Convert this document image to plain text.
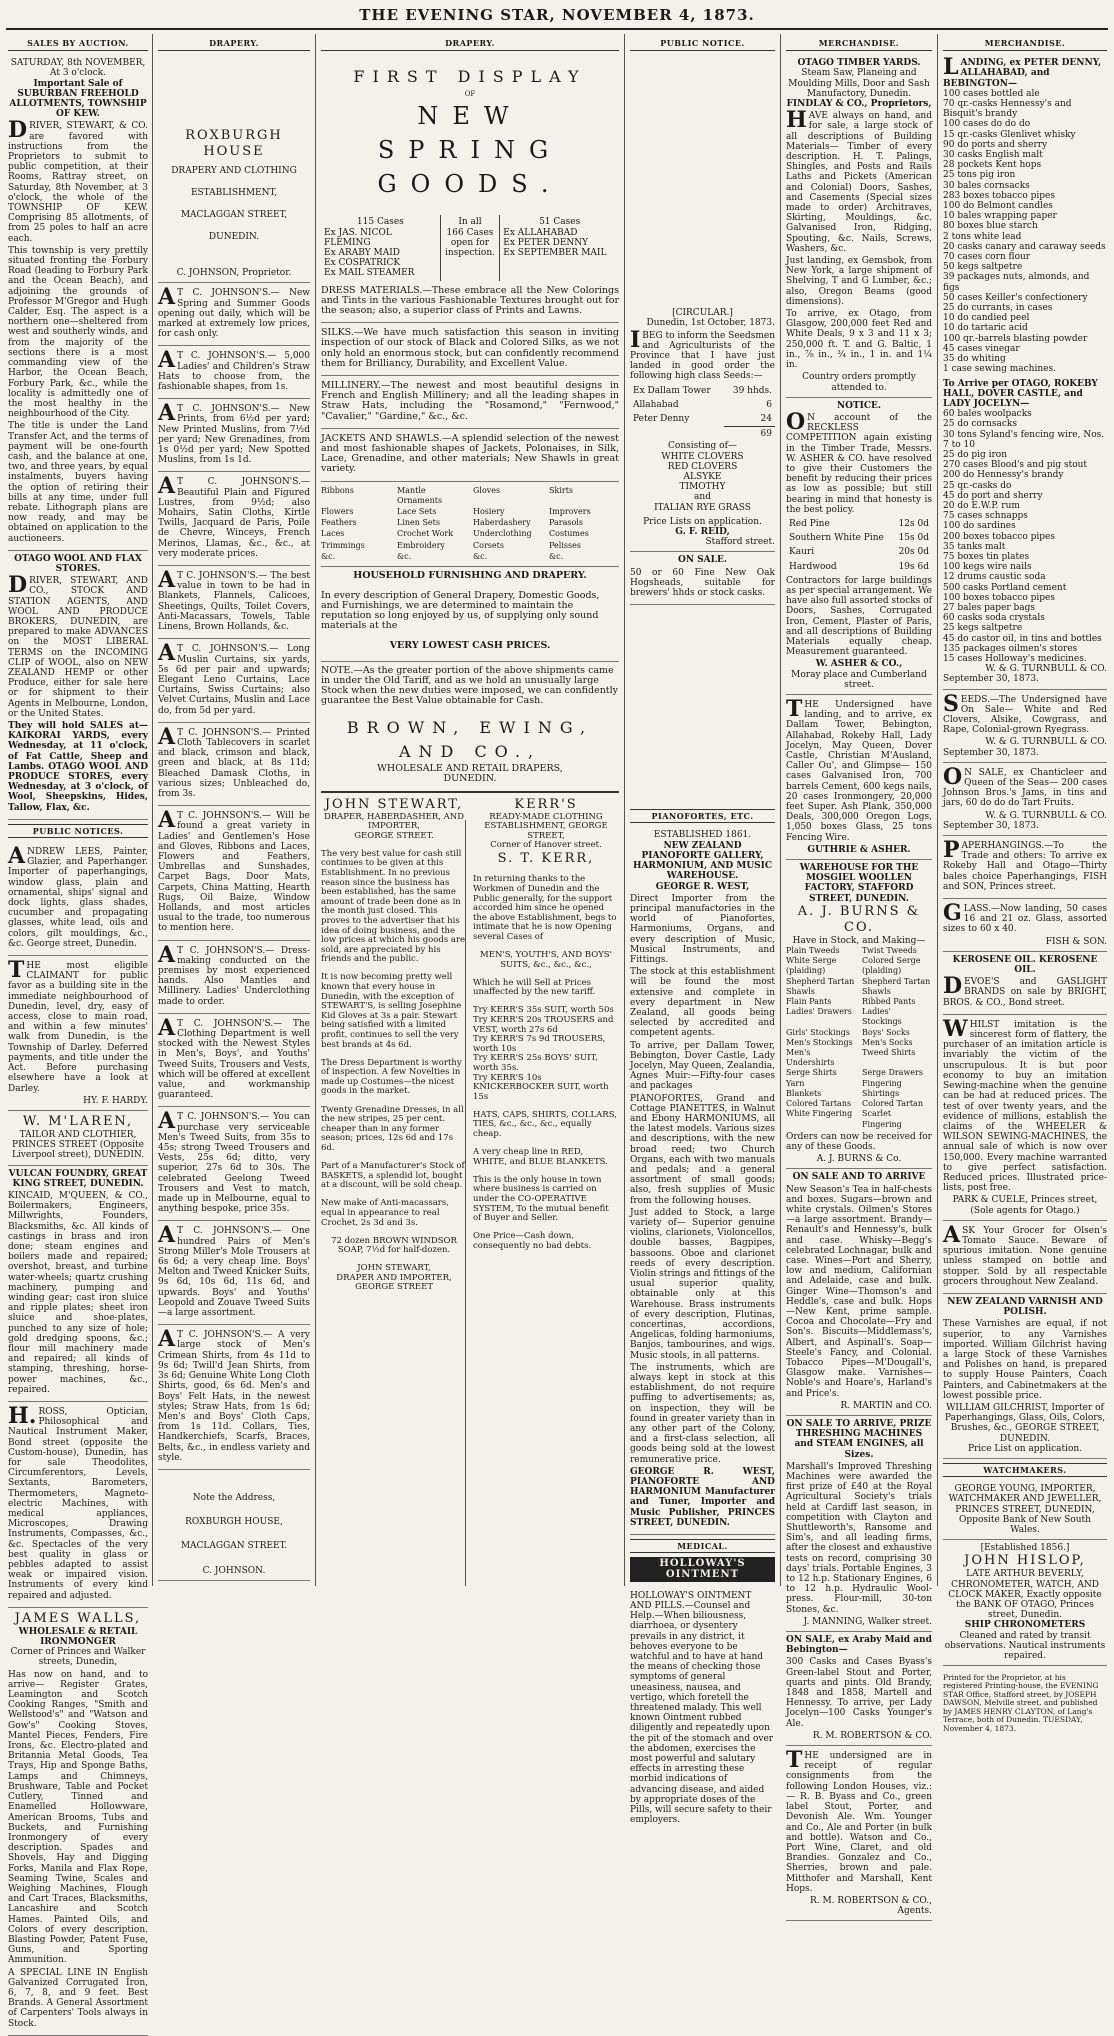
THE EVENING STAR, NOVEMBER 4, 1873.
SALES BY AUCTION.
SATURDAY, 8th NOVEMBER,
At 3 o'clock.
Important Sale of SUBURBAN FREEHOLD ALLOTMENTS, TOWNSHIP OF KEW.

DRIVER, STEWART, & CO. are favored with instructions from the Proprietors to submit to public competition, at their Rooms, Rattray street, on Saturday, 8th November, at 3 o'clock, the whole of the TOWNSHIP OF KEW. Comprising 85 allotments, of from 25 poles to half an acre each.

This township is very prettily situated fronting the Forbury Road (leading to Forbury Park and the Ocean Beach), and adjoining the grounds of Professor M'Gregor and Hugh Calder, Esq. The aspect is a northern one—sheltered from west and southerly winds, and from the majority of the sections there is a most commanding view of the Harbor, the Ocean Beach, Forbury Park, &c., while the locality is admittedly one of the most healthy in the neighbourhood of the City.

The title is under the Land Transfer Act, and the terms of payment will be one-fourth cash, and the balance at one, two, and three years, by equal instalments, buyers having the option of retiring their bills at any time, under full rebate. Lithograph plans are now ready, and may be obtained on application to the auctioneers.

OTAGO WOOL AND FLAX STORES.

DRIVER, STEWART, AND CO., STOCK AND STATION AGENTS, AND WOOL AND PRODUCE BROKERS, DUNEDIN, are prepared to make ADVANCES on the MOST LIBERAL TERMS on the INCOMING CLIP of WOOL, also on NEW ZEALAND HEMP or other Produce, either for sale here or for shipment to their Agents in Melbourne, London, or the United States.

They will hold SALES at— KAIKORAI YARDS, every Wednesday, at 11 o'clock, of Fat Cattle, Sheep and Lambs. OTAGO WOOL AND PRODUCE STORES, every Wednesday, at 3 o'clock, of Wool, Sheepskins, Hides, Tallow, Flax, &c.

PUBLIC NOTICES.

ANDREW LEES, Painter, Glazier, and Paperhanger. Importer of paperhangings, window glass, plain and ornamental, ships' signal and dock lights, glass shades, cucumber and propagating glasses, white lead, oils and colors, gilt mouldings, &c., &c. George street, Dunedin.

THE most eligible CLAIMANT for public favor as a building site in the immediate neighbourhood of Dunedin, level, dry, easy of access, close to main road, and within a few minutes' walk from Dunedin, is the Township of Darley. Deferred payments, and title under the Act. Before purchasing elsewhere have a look at Darley.

HY. F. HARDY.
W. M'LAREN,
TAILOR AND CLOTHIER, PRINCES STREET (Opposite Liverpool street), DUNEDIN.
VULCAN FOUNDRY, GREAT KING STREET, DUNEDIN.

KINCAID, M'QUEEN, & CO., Boilermakers, Engineers, Millwrights, Founders, Blacksmiths, &c. All kinds of castings in brass and iron done; steam engines and boilers made and repaired; overshot, breast, and turbine water-wheels; quartz crushing machinery, pumping and winding gear; cast iron sluice and ripple plates; sheet iron sluice and shoe-plates, punched to any size of hole; gold dredging spoons, &c.; flour mill machinery made and repaired; all kinds of stamping, threshing, horse-power machines, &c., repaired.

H.ROSS, Optician, Philosophical and Nautical Instrument Maker, Bond street (opposite the Custom-house), Dunedin, has for sale Theodolites, Circumferentors, Levels, Sextants, Barometers, Thermometers, Magneto-electric Machines, with medical appliances, Microscopes, Drawing Instruments, Compasses, &c., &c. Spectacles of the very best quality in glass or pebbles adapted to assist weak or impaired vision. Instruments of every kind repaired and adjusted.

JAMES WALLS,
WHOLESALE & RETAIL IRONMONGER
Corner of Princes and Walker streets, Dunedin,

Has now on hand, and to arrive— Register Grates, Leamington and Scotch Cooking Ranges, "Smith and Wellstood's" and "Watson and Gow's" Cooking Stoves, Mantel Pieces, Fenders, Fire Irons, &c. Electro-plated and Britannia Metal Goods, Tea Trays, Hip and Sponge Baths, Lamps and Chimneys, Brushware, Table and Pocket Cutlery, Tinned and Enamelled Hollowware, American Brooms, Tubs and Buckets, and Furnishing Ironmongery of every description. Spades and Shovels, Hay and Digging Forks, Manila and Flax Rope, Seaming Twine, Scales and Weighing Machines, Flough and Cart Traces, Blacksmiths, Lancashire and Scotch Hames. Painted Oils, and Colors of every description. Blasting Powder, Patent Fuse, Guns, and Sporting Ammunition.

A SPECIAL LINE IN English Galvanized Corrugated Iron, 6, 7, 8, and 9 feet. Best Brands. A General Assortment of Carpenters' Tools always in Stock.

DRAPERY.
ROXBURGH HOUSE
DRAPERY AND CLOTHING ESTABLISHMENT, MACLAGGAN STREET, DUNEDIN.
C. JOHNSON, Proprietor.

AT C. JOHNSON'S.— New Spring and Summer Goods opening out daily, which will be marked at extremely low prices, for cash only.

AT C. JOHNSON'S.— 5,000 Ladies' and Children's Straw Hats to choose from, the fashionable shapes, from 1s.

AT C. JOHNSON'S.— New Prints, from 6½d per yard; New Printed Muslins, from 7½d per yard; New Grenadines, from 1s 0½d per yard; New Spotted Muslins, from 1s 1d.

AT C. JOHNSON'S.— Beautiful Plain and Figured Lustres, from 9½d; also Mohairs, Satin Cloths, Kirtle Twills, Jacquard de Paris, Poile de Chevre, Winceys, French Merinos, Llamas, &c., &c., at very moderate prices.

AT C. JOHNSON'S.— The best value in town to be had in Blankets, Flannels, Calicoes, Sheetings, Quilts, Toilet Covers, Anti-Macassars, Towels, Table Linens, Brown Hollands, &c.

AT C. JOHNSON'S.— Long Muslin Curtains, six yards, 5s 6d per pair and upwards; Elegant Leno Curtains, Lace Curtains, Swiss Curtains; also Velvet Curtains, Muslin and Lace do, from 5d per yard.

AT C. JOHNSON'S.— Printed Cloth Tablecovers in scarlet and black, crimson and black, green and black, at 8s 11d; Bleached Damask Cloths, in various sizes; Unbleached do, from 3s.

AT C. JOHNSON'S.— Will be found a great variety in Ladies' and Gentlemen's Hose and Gloves, Ribbons and Laces, Flowers and Feathers, Umbrellas and Sunshades, Carpet Bags, Door Mats, Carpets, China Matting, Hearth Rugs, Oil Baize, Window Hollands, and most articles usual to the trade, too numerous to mention here.

AT C. JOHNSON'S.— Dress-making conducted on the premises by most experienced hands. Also Mantles and Millinery. Ladies' Underclothing made to order.

AT C. JOHNSON'S.— The Clothing Department is well stocked with the Newest Styles in Men's, Boys', and Youths' Tweed Suits, Trousers and Vests, which will be offered at excellent value, and workmanship guaranteed.

AT C. JOHNSON'S.— You can purchase very serviceable Men's Tweed Suits, from 35s to 45s; strong Tweed Trousers and Vests, 25s 6d; ditto, very superior, 27s 6d to 30s. The celebrated Geelong Tweed Trousers and Vest to match, made up in Melbourne, equal to anything bespoke, price 35s.

AT C. JOHNSON'S.— One hundred Pairs of Men's Strong Miller's Mole Trousers at 6s 6d; a very cheap line. Boys' Melton and Tweed Knicker Suits, 9s 6d, 10s 6d, 11s 6d, and upwards. Boys' and Youths' Leopold and Zouave Tweed Suits—a large assortment.

AT C. JOHNSON'S.— A very large stock of Men's Crimean Shirts, from 4s 11d to 9s 6d; Twill'd Jean Shirts, from 3s 6d; Genuine White Long Cloth Shirts, good, 6s 6d. Men's and Boys' Felt Hats, in the newest styles; Straw Hats, from 1s 6d; Men's and Boys' Cloth Caps, from 1s 11d. Collars, Ties, Handkerchiefs, Scarfs, Braces, Belts, &c., in endless variety and style.

Note the Address,
ROXBURGH HOUSE,
MACLAGGAN STREET.
C. JOHNSON.
DRAPERY.
FIRST DISPLAY
OF
NEW SPRING GOODS.
115 Cases
Ex JAS. NICOL FLEMING
Ex ARABY MAID
Ex COSPATRICK
Ex MAIL STEAMER

In all
166 Cases
open for
inspection.

51 Cases
Ex ALLAHABAD
Ex PETER DENNY
Ex SEPTEMBER MAIL

DRESS MATERIALS.—These embrace all the New Colorings and Tints in the various Fashionable Textures brought out for the season; also, a superior class of Prints and Lawns.

SILKS.—We have much satisfaction this season in inviting inspection of our stock of Black and Colored Silks, as we not only hold an enormous stock, but can confidently recommend them for Brilliancy, Durability, and Excellent Value.

MILLINERY.—The newest and most beautiful designs in French and English Millinery; and all the leading shapes in Straw Hats, including the "Rosamond," "Fernwood," "Cavalier," "Gardine," &c., &c.

JACKETS AND SHAWLS.—A splendid selection of the newest and most fashionable shapes of Jackets, Polonaises, in Silk, Lace, Grenadine, and other materials; New Shawls in great variety.

Ribbons	Mantle Ornaments
Gloves	Skirts
Flowers	Lace Sets	Hosiery	Improvers
Feathers	Linen Sets	Haberdashery	Parasols
Laces	Crochet Work	Underclothing	Costumes
Trimmings	Embroidery	Corsets	Pelisses
&c.	&c.	&c.	&c.
HOUSEHOLD FURNISHING AND DRAPERY.

In every description of General Drapery, Domestic Goods, and Furnishings, we are determined to maintain the reputation so long enjoyed by us, of supplying only sound materials at the

VERY LOWEST CASH PRICES.

NOTE.—As the greater portion of the above shipments came in under the Old Tariff, and as we hold an unusually large Stock when the new duties were imposed, we can confidently guarantee the Best Value obtainable for Cash.

BROWN, EWING, AND CO.,
WHOLESALE AND RETAIL DRAPERS,
DUNEDIN.
JOHN STEWART,
DRAPER, HABERDASHER, AND IMPORTER,
GEORGE STREET.

The very best value for cash still continues to be given at this Establishment. In no previous reason since the business has been established, has the same amount of trade been done as in the month just closed. This proves to the advertiser that his idea of doing business, and the low prices at which his goods are sold, are appreciated by his friends and the public.

It is now becoming pretty well known that every house in Dunedin, with the exception of STEWART'S, is selling Josephine Kid Gloves at 3s a pair. Stewart being satisfied with a limited profit, continues to sell the very best brands at 4s 6d.

The Dress Department is worthy of inspection. A few Novelties in made up Costumes—the nicest goods in the market.

Twenty Grenadine Dresses, in all the new stripes, 25 per cent. cheaper than in any former season; prices, 12s 6d and 17s 6d.

Part of a Manufacturer's Stock of BASKETS, a splendid lot, bought at a discount, will be sold cheap.

New make of Anti-macassars, equal in appearance to real Crochet, 2s 3d and 3s.

72 dozen BROWN WINDSOR SOAP, 7½d for half-dozen.

JOHN STEWART,
DRAPER AND IMPORTER,
GEORGE STREET
KERR'S
READY-MADE CLOTHING ESTABLISHMENT, GEORGE STREET,
Corner of Hanover street.
S. T. KERR,

In returning thanks to the Workmen of Dunedin and the Public generally, for the support accorded him since he opened the above Establishment, begs to intimate that he is now Opening several Cases of

MEN'S, YOUTH'S, AND BOYS' SUITS, &c., &c., &c.,

Which he will Sell at Prices unaffected by the new tariff.

Try KERR'S 35s SUIT, worth 50s
Try KERR'S 20s TROUSERS and VEST, worth 27s 6d
Try KERR'S 7s 9d TROUSERS, worth 10s
Try KERR'S 25s BOYS' SUIT, worth 35s.
Try KERR'S 10s KNICKERBOCKER SUIT, worth 15s

HATS, CAPS, SHIRTS, COLLARS, TIES, &c., &c., &c., equally cheap.

A very cheap line in RED, WHITE, and BLUE BLANKETS.

This is the only house in town where business is carried on under the CO-OPERATIVE SYSTEM, To the mutual benefit of Buyer and Seller.

One Price—Cash down, consequently no bad debts.

PUBLIC NOTICE.
[CIRCULAR.]
Dunedin, 1st October, 1873.

IBEG to inform the Seedsmen and Agriculturists of the Province that I have just landed in good order the following high class Seeds:—

Ex Dallam Tower	39 hhds.
Allahabad	6
Peter Denny	24
	69
Consisting of—
WHITE CLOVERS
RED CLOVERS
ALSYKE
TIMOTHY
and
ITALIAN RYE GRASS
Price Lists on application.
G. F. REID,
Stafford street.
ON SALE.

50 or 60 Fine New Oak Hogsheads, suitable for brewers' hhds or stock casks.

PIANOFORTES, ETC.
ESTABLISHED 1861.
NEW ZEALAND PIANOFORTE GALLERY, HARMONIUM, AND MUSIC WAREHOUSE.
GEORGE R. WEST,

Direct Importer from the principal manufactories in the world of Pianofortes, Harmoniums, Organs, and every description of Music, Musical Instruments, and Fittings.

The stock at this establishment will be found the most extensive and complete in every department in New Zealand, all goods being selected by accredited and competent agents.

To arrive, per Dallam Tower, Bebington, Dover Castle, Lady Jocelyn, May Queen, Zealandia, Agnes Muir:—Fifty-four cases and packages

PIANOFORTES, Grand and Cottage PIANETTES, in Walnut and Ebony HARMONIUMS, all the latest models. Various sizes and descriptions, with the new broad reed; two Church Organs, each with two manuals and pedals; and a general assortment of small goods; also, fresh supplies of Music from the following houses.

Just added to Stock, a large variety of— Superior genuine violins, clarionets, Violoncellos, double basses, Bagpipes, bassoons. Oboe and clarionet reeds of every description. Violin strings and fittings of the usual superior quality, obtainable only at this Warehouse. Brass instruments of every description, Flutinas, concertinas, accordions, Angelicas, folding harmoniums, Banjos, tambourines, and wigs. Music stools, in all patterns.

The instruments, which are always kept in stock at this establishment, do not require puffing to advertisements; as, on inspection, they will be found in greater variety than in any other part of the Colony, and a first-class selection, all goods being sold at the lowest remunerative price.

GEORGE R. WEST, PIANOFORTE AND HARMONIUM Manufacturer and Tuner, Importer and Music Publisher, PRINCES STREET, DUNEDIN.

MEDICAL.
HOLLOWAY'S OINTMENT

HOLLOWAY'S OINTMENT AND PILLS.—Counsel and Help.—When biliousness, diarrhoea, or dysentery prevails in any district, it behoves everyone to be watchful and to have at hand the means of checking those symptoms of general uneasiness, nausea, and vertigo, which foretell the threatened malady. This well known Ointment rubbed diligently and repeatedly upon the pit of the stomach and over the abdomen, exercises the most powerful and salutary effects in arresting these morbid indications of advancing disease, and aided by appropriate doses of the Pills, will secure safety to their employers.

MERCHANDISE.
OTAGO TIMBER YARDS.
Steam Saw, Planeing and Moulding Mills, Door and Sash Manufactory, Dunedin.
FINDLAY & CO., Proprietors,

HAVE always on hand, and for sale, a large stock of all descriptions of Building Materials— Timber of every description. H. T. Palings, Shingles, and Posts and Rails Laths and Pickets (American and Colonial) Doors, Sashes, and Casements (Special sizes made to order) Architraves, Skirting, Mouldings, &c. Galvanised Iron, Ridging, Spouting, &c. Nails, Screws, Washers, &c.

Just landing, ex Gemsbok, from New York, a large shipment of Shelving, T and G Lumber, &c.; also, Oregon Beams (good dimensions).

To arrive, ex Otago, from Glasgow, 200,000 feet Red and White Deals, 9 x 3 and 11 x 3; 250,000 ft. T. and G. Baltic, 1 in., ⅞ in., ¾ in., 1 in. and 1¼ in.

Country orders promptly attended to.
NOTICE.

ON account of the RECKLESS COMPETITION again existing in the Timber Trade, Messrs. W. ASHER & CO. have resolved to give their Customers the benefit by reducing their prices as low as possible; but still bearing in mind that honesty is the best policy.

Red Pine	12s 0d
Southern White Pine	15s 0d
Kauri	20s 0d
Hardwood	19s 6d

Contractors for large buildings as per special arrangement. We have also full assorted stocks of Doors, Sashes, Corrugated Iron, Cement, Plaster of Paris, and all descriptions of Building Materials equally cheap. Measurement guaranteed.

W. ASHER & CO.,
Moray place and Cumberland street.

THE Undersigned have landing, and to arrive, ex Dallam Tower, Bebington, Allahabad, Rokeby Hall, Lady Jocelyn, May Queen, Dover Castle, Christian M'Ausland, Caller Ou', and Glimpse— 150 cases Galvanised Iron, 700 barrels Cement, 600 kegs nails, 20 cases Ironmongery, 20,000 feet Super. Ash Plank, 350,000 Deals, 300,000 Oregon Logs, 1,050 boxes Glass, 25 tons Fencing Wire.

GUTHRIE & ASHER.
WAREHOUSE FOR THE MOSGIEL WOOLLEN FACTORY, STAFFORD STREET, DUNEDIN.
A. J. BURNS & CO.
Have in Stock, and Making—
Plain Tweeds	Twist Tweeds
White Serge (plaiding)
Colored Serge (plaiding)
Shepherd Tartan Shawls
Shepherd Tartan Shawls
Flain Pants	Ribbed Pants
Ladies' Drawers	Ladies' Stockings
Girls' Stockings	Boys' Socks
Men's Stockings	Men's Socks
Men's Undershirts
Tweed Shirts
Serge Shirts	Serge Drawers
Yarn	Fingering
Blankets	Shirtings
Colored Tartans	Colored Tartan
White Fingering	Scarlet Fingering

Orders can now be received for any of these Goods.

A. J. BURNS & Co.
ON SALE AND TO ARRIVE

New Season's Tea in half-chests and boxes. Sugars—brown and white crystals. Oilmen's Stores—a large assortment. Brandy—Renault's and Hennessy's, bulk and case. Whisky—Begg's celebrated Lochnagar, bulk and case. Wines—Port and Sherry, low and medium, Californian and Adelaide, case and bulk. Ginger Wine—Thomson's and Heddle's, case and bulk. Hops—New Kent, prime sample. Cocoa and Chocolate—Fry and Son's. Biscuits—Middlemass's, Albert, and Aspinall's. Soap—Steele's Fancy, and Colonial. Tobacco Pipes—M'Dougall's, Glasgow make. Varnishes—Noble's and Hoare's, Harland's and Price's.

R. MARTIN and CO.
ON SALE TO ARRIVE, PRIZE THRESHING MACHINES and STEAM ENGINES, all Sizes.

Marshall's Improved Threshing Machines were awarded the first prize of £40 at the Royal Agricultural Society's trials held at Cardiff last season, in competition with Clayton and Shuttleworth's, Ransome and Sim's, and all leading firms, after the closest and exhaustive tests on record, comprising 30 days' trials. Portable Engines, 3 to 12 h.p. Stationary Engines, 6 to 12 h.p. Hydraulic Wool-press. Flour-mill, 30-ton Stones, &c.

J. MANNING, Walker street.
ON SALE, ex Araby Maid and Bebington—

300 Casks and Cases Byass's Green-label Stout and Porter, quarts and pints. Old Brandy, 1848 and 1858, Martell and Hennessy. To arrive, per Lady Jocelyn—100 Casks Younger's Ale.

R. M. ROBERTSON & CO.

THE undersigned are in receipt of regular consignments from the following London Houses, viz.:— R. B. Byass and Co., green label Stout, Porter, and Devonish Ale. Wm. Younger and Co., Ale and Porter (in bulk and bottle). Watson and Co., Port Wine, Claret, and old Brandies. Gonzalez and Co., Sherries, brown and pale. Mitthofer and Marshall, Kent Hops.

R. M. ROBERTSON & CO., Agents.
MERCHANDISE.
LANDING, ex PETER DENNY, ALLAHABAD, and BEBINGTON—
100 cases bottled ale
70 qr.-casks Hennessy's and Bisquit's brandy
100 cases do do do
15 qr.-casks Glenlivet whisky
90 do ports and sherry
30 casks English malt
28 pockets Kent hops
25 tons pig iron
30 bales cornsacks
283 boxes tobacco pipes
100 do Belmont candles
10 bales wrapping paper
80 boxes blue starch
2 tons white lead
20 casks canary and caraway seeds
70 cases corn flour
50 kegs saltpetre
39 packages nuts, almonds, and figs
50 cases Keiller's confectionery
25 do currants, in cases
10 do candied peel
10 do tartaric acid
100 qr.-barrels blasting powder
45 cases vinegar
35 do whiting
1 case sewing machines.
To Arrive per OTAGO, ROKEBY HALL, DOVER CASTLE, and LADY JOCELYN—
60 bales woolpacks
25 do cornsacks
30 tons Syland's fencing wire, Nos. 7 to 10
25 do pig iron
270 cases Blood's and pig stout
200 do Hennessy's brandy
25 qr.-casks do
45 do port and sherry
20 do E.W.P. rum
75 cases schnapps
100 do sardines
200 boxes tobacco pipes
35 tanks malt
75 boxes tin plates
100 kegs wire nails
12 drums caustic soda
500 casks Portland cement
100 boxes tobacco pipes
27 bales paper bags
60 casks soda crystals
25 kegs saltpetre
45 do castor oil, in tins and bottles
135 packages oilmen's stores
15 cases Holloway's medicines.
W. & G. TURNBULL & CO.
September 30, 1873.

SEEDS.—The Undersigned have On Sale— White and Red Clovers, Alsike, Cowgrass, and Rape, Colonial-grown Ryegrass.

W. & G. TURNBULL & CO.
September 30, 1873.

ON SALE, ex Chanticleer and Queen of the Seas— 200 cases Johnson Bros.'s Jams, in tins and jars, 60 do do do Tart Fruits.

W. & G. TURNBULL & CO.
September 30, 1873.

PAPERHANGINGS.—To the Trade and others: To arrive ex Rokeby Hall and Otago—Thirty bales choice Paperhangings, FISH and SON, Princes street.

GLASS.—Now landing, 50 cases 16 and 21 oz. Glass, assorted sizes to 60 x 40.

FISH & SON.
KEROSENE OIL. KEROSENE OIL.

DEVOE'S and GASLIGHT BRANDS on sale by BRIGHT, BROS. & CO., Bond street.

WHILST imitation is the sincerest form of flattery, the purchaser of an imitation article is invariably the victim of the unscrupulous. It is but poor economy to buy an imitation Sewing-machine when the genuine can be had at reduced prices. The test of over twenty years, and the evidence of millions, establish the claims of the WHEELER & WILSON SEWING-MACHINES, the annual sale of which is now over 150,000. Every machine warranted to give perfect satisfaction. Reduced prices. Illustrated price-lists, post free.

PARK & CUELE, Princes street, (Sole agents for Otago.)

ASK Your Grocer for Olsen's Tomato Sauce. Beware of spurious imitation. None genuine unless stamped on bottle and stopper. Sold by all respectable grocers throughout New Zealand.

NEW ZEALAND VARNISH AND POLISH.

These Varnishes are equal, if not superior, to any Varnishes imported. William Gilchrist having a large Stock of these Varnishes and Polishes on hand, is prepared to supply House Painters, Coach Painters, and Cabinetmakers at the lowest possible price.

WILLIAM GILCHRIST, Importer of Paperhangings, Glass, Oils, Colors, Brushes, &c., GEORGE STREET, DUNEDIN.
Price List on application.
WATCHMAKERS.
GEORGE YOUNG, IMPORTER, WATCHMAKER AND JEWELLER, PRINCES STREET, DUNEDIN, Opposite Bank of New South Wales.
[Established 1856.]
JOHN HISLOP,
LATE ARTHUR BEVERLY, CHRONOMETER, WATCH, AND CLOCK MAKER, Exactly opposite the BANK OF OTAGO, Princes street, Dunedin.
SHIP CHRONOMETERS
Cleaned and rated by transit observations. Nautical instruments repaired.

Printed for the Proprietor, at his registered Printing-house, the EVENING STAR Office, Stafford street, by JOSEPH DAWSON, Melville street, and published by JAMES HENRY CLAYTON, of Lang's Terrace, both of Dunedin. TUESDAY, November 4, 1873.
